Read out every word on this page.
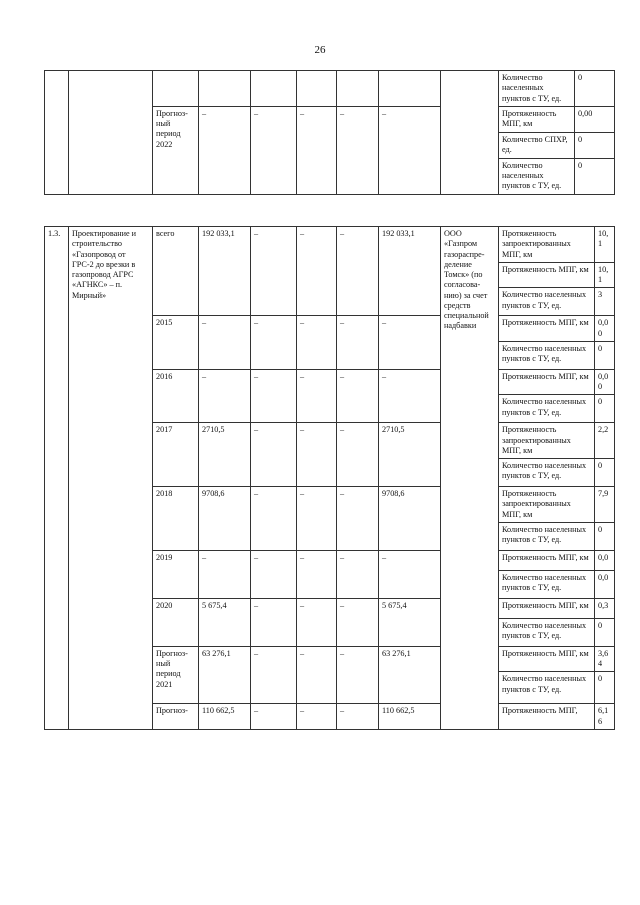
26
									Количество населенных пунктов с ТУ, ед.	0
		Прогноз-ный период 2022	–	–	–	–	–		Протяженность МПГ, км	0,00
									Количество СПХР, ед.	0
									Количество населенных пунктов с ТУ, ед.	0
1.3.	Проектирование и строительство «Газопровод от ГРС-2 до врезки в газопровод АГРС «АГНКС» – п. Мирный»	всего	192 033,1	–	–	–	192 033,1	ООО «Газпром газораспре-деление Томск» (по согласова-нию) за счет средств специальной надбавки	Протяженность запроектированных МПГ, км	10,1
									Протяженность МПГ, км	10,1
									Количество населенных пунктов с ТУ, ед.	3
		2015	–	–	–	–	–		Протяженность МПГ, км	0,00
									Количество населенных пунктов с ТУ, ед.	0
		2016	–	–	–	–	–		Протяженность МПГ, км	0,00
									Количество населенных пунктов с ТУ, ед.	0
		2017	2710,5	–	–	–	2710,5		Протяженность запроектированных МПГ, км	2,2
									Количество населенных пунктов с ТУ, ед.	0
		2018	9708,6	–	–	–	9708,6		Протяженность запроектированных МПГ, км	7,9
									Количество населенных пунктов с ТУ, ед.	0
		2019	–	–	–	–	–		Протяженность МПГ, км	0,0
									Количество населенных пунктов с ТУ, ед.	0,0
		2020	5 675,4	–	–	–	5 675,4		Протяженность МПГ, км	0,3
									Количество населенных пунктов с ТУ, ед.	0
		Прогноз-ный период 2021	63 276,1	–	–	–	63 276,1		Протяженность МПГ, км	3,64
									Количество населенных пунктов с ТУ, ед.	0
		Прогноз-	110 662,5	–	–	–	110 662,5		Протяженность МПГ,	6,16
